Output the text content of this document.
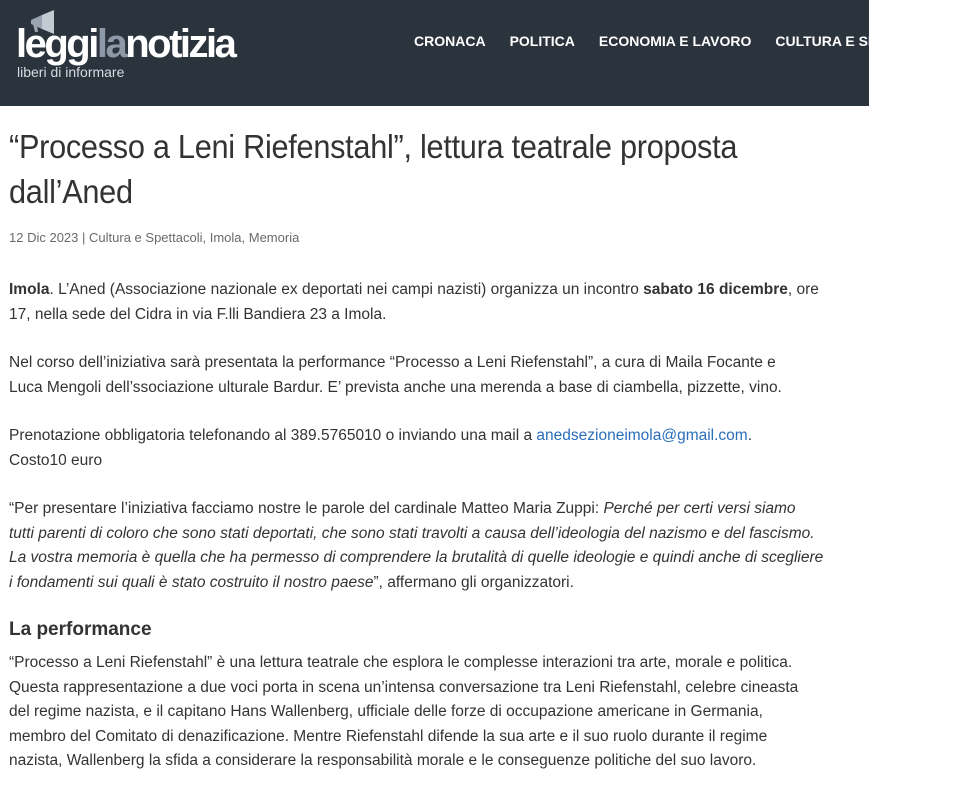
leggilanotizia
liberi di informare
CRONACA POLITICA ECONOMIA E LAVORO CULTURA E SPETTACOLI
“Processo a Leni Riefenstahl”, lettura teatrale proposta dall’Aned
12 Dic 2023 | Cultura e Spettacoli, Imola, Memoria

Imola. L’Aned (Associazione nazionale ex deportati nei campi nazisti) organizza un incontro sabato 16 dicembre, ore
17, nella sede del Cidra in via F.lli Bandiera 23 a Imola.

Nel corso dell’iniziativa sarà presentata la performance “Processo a Leni Riefenstahl”, a cura di Maila Focante e
Luca Mengoli dell’ssociazione ulturale Bardur. E’ prevista anche una merenda a base di ciambella, pizzette, vino.

Prenotazione obbligatoria telefonando al 389.5765010 o inviando una mail a anedsezioneimola@gmail.com.
Costo10 euro

“Per presentare l’iniziativa facciamo nostre le parole del cardinale Matteo Maria Zuppi: Perché per certi versi siamo
tutti parenti di coloro che sono stati deportati, che sono stati travolti a causa dell’ideologia del nazismo e del fascismo.
La vostra memoria è quella che ha permesso di comprendere la brutalità di quelle ideologie e quindi anche di scegliere
i fondamenti sui quali è stato costruito il nostro paese”, affermano gli organizzatori.

La performance

“Processo a Leni Riefenstahl” è una lettura teatrale che esplora le complesse interazioni tra arte, morale e politica.
Questa rappresentazione a due voci porta in scena un’intensa conversazione tra Leni Riefenstahl, celebre cineasta
del regime nazista, e il capitano Hans Wallenberg, ufficiale delle forze di occupazione americane in Germania,
membro del Comitato di denazificazione. Mentre Riefenstahl difende la sua arte e il suo ruolo durante il regime
nazista, Wallenberg la sfida a considerare la responsabilità morale e le conseguenze politiche del suo lavoro.
